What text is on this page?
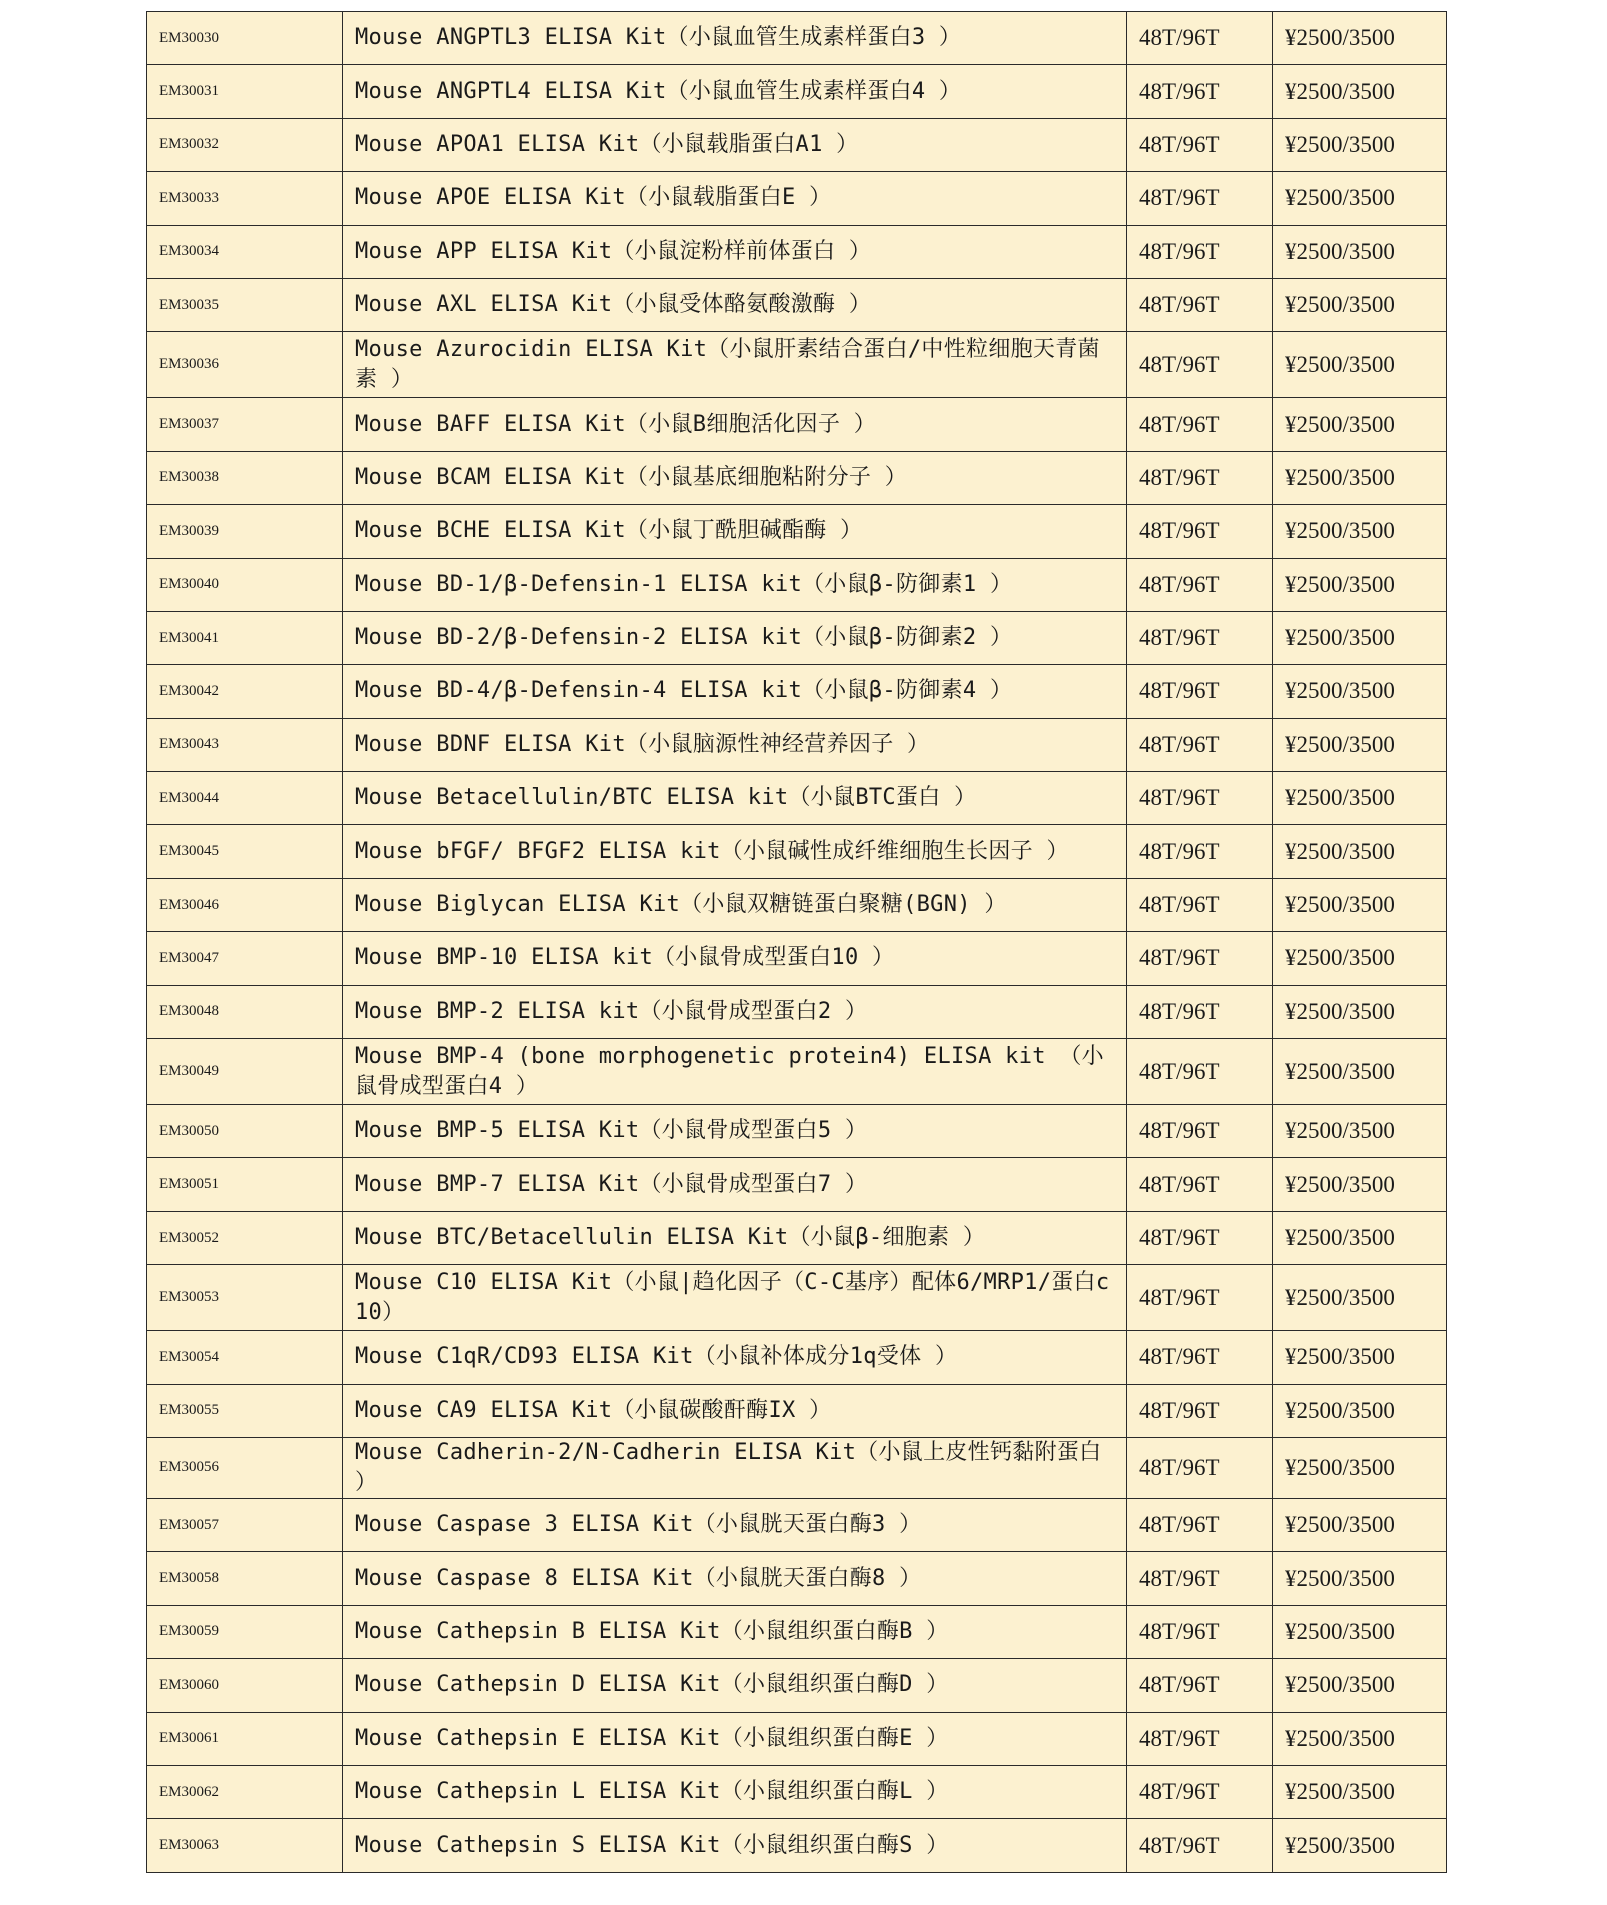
EM30030	Mouse ANGPTL3 ELISA Kit（小鼠血管生成素样蛋白3 ）	48T/96T	¥2500/3500
EM30031	Mouse ANGPTL4 ELISA Kit（小鼠血管生成素样蛋白4 ）	48T/96T	¥2500/3500
EM30032	Mouse APOA1 ELISA Kit（小鼠载脂蛋白A1 ）	48T/96T	¥2500/3500
EM30033	Mouse APOE ELISA Kit（小鼠载脂蛋白E ）	48T/96T	¥2500/3500
EM30034	Mouse APP ELISA Kit（小鼠淀粉样前体蛋白 ）	48T/96T	¥2500/3500
EM30035	Mouse AXL ELISA Kit（小鼠受体酪氨酸激酶 ）	48T/96T	¥2500/3500
EM30036	Mouse Azurocidin ELISA Kit（小鼠肝素结合蛋白/中性粒细胞天青菌素 ）	48T/96T	¥2500/3500
EM30037	Mouse BAFF ELISA Kit（小鼠B细胞活化因子 ）	48T/96T	¥2500/3500
EM30038	Mouse BCAM ELISA Kit（小鼠基底细胞粘附分子 ）	48T/96T	¥2500/3500
EM30039	Mouse BCHE ELISA Kit（小鼠丁酰胆碱酯酶 ）	48T/96T	¥2500/3500
EM30040	Mouse BD-1/β-Defensin-1 ELISA kit（小鼠β-防御素1 ）	48T/96T	¥2500/3500
EM30041	Mouse BD-2/β-Defensin-2 ELISA kit（小鼠β-防御素2 ）	48T/96T	¥2500/3500
EM30042	Mouse BD-4/β-Defensin-4 ELISA kit（小鼠β-防御素4 ）	48T/96T	¥2500/3500
EM30043	Mouse BDNF ELISA Kit（小鼠脑源性神经营养因子 ）	48T/96T	¥2500/3500
EM30044	Mouse Betacellulin/BTC ELISA kit（小鼠BTC蛋白 ）	48T/96T	¥2500/3500
EM30045	Mouse bFGF/ BFGF2 ELISA kit（小鼠碱性成纤维细胞生长因子 ）	48T/96T	¥2500/3500
EM30046	Mouse Biglycan ELISA Kit（小鼠双糖链蛋白聚糖(BGN) ）	48T/96T	¥2500/3500
EM30047	Mouse BMP-10 ELISA kit（小鼠骨成型蛋白10 ）	48T/96T	¥2500/3500
EM30048	Mouse BMP-2 ELISA kit（小鼠骨成型蛋白2 ）	48T/96T	¥2500/3500
EM30049	Mouse BMP-4 (bone morphogenetic protein4) ELISA kit （小鼠骨成型蛋白4 ）	48T/96T	¥2500/3500
EM30050	Mouse BMP-5 ELISA Kit（小鼠骨成型蛋白5 ）	48T/96T	¥2500/3500
EM30051	Mouse BMP-7 ELISA Kit（小鼠骨成型蛋白7 ）	48T/96T	¥2500/3500
EM30052	Mouse BTC/Betacellulin ELISA Kit（小鼠β-细胞素 ）	48T/96T	¥2500/3500
EM30053	Mouse C10 ELISA Kit（小鼠|趋化因子（C-C基序）配体6/MRP1/蛋白c10）	48T/96T	¥2500/3500
EM30054	Mouse C1qR/CD93 ELISA Kit（小鼠补体成分1q受体 ）	48T/96T	¥2500/3500
EM30055	Mouse CA9 ELISA Kit（小鼠碳酸酐酶IX ）	48T/96T	¥2500/3500
EM30056	Mouse Cadherin-2/N-Cadherin ELISA Kit（小鼠上皮性钙黏附蛋白 ）	48T/96T	¥2500/3500
EM30057	Mouse Caspase 3 ELISA Kit（小鼠胱天蛋白酶3 ）	48T/96T	¥2500/3500
EM30058	Mouse Caspase 8 ELISA Kit（小鼠胱天蛋白酶8 ）	48T/96T	¥2500/3500
EM30059	Mouse Cathepsin B ELISA Kit（小鼠组织蛋白酶B ）	48T/96T	¥2500/3500
EM30060	Mouse Cathepsin D ELISA Kit（小鼠组织蛋白酶D ）	48T/96T	¥2500/3500
EM30061	Mouse Cathepsin E ELISA Kit（小鼠组织蛋白酶E ）	48T/96T	¥2500/3500
EM30062	Mouse Cathepsin L ELISA Kit（小鼠组织蛋白酶L ）	48T/96T	¥2500/3500
EM30063	Mouse Cathepsin S ELISA Kit（小鼠组织蛋白酶S ）	48T/96T	¥2500/3500
